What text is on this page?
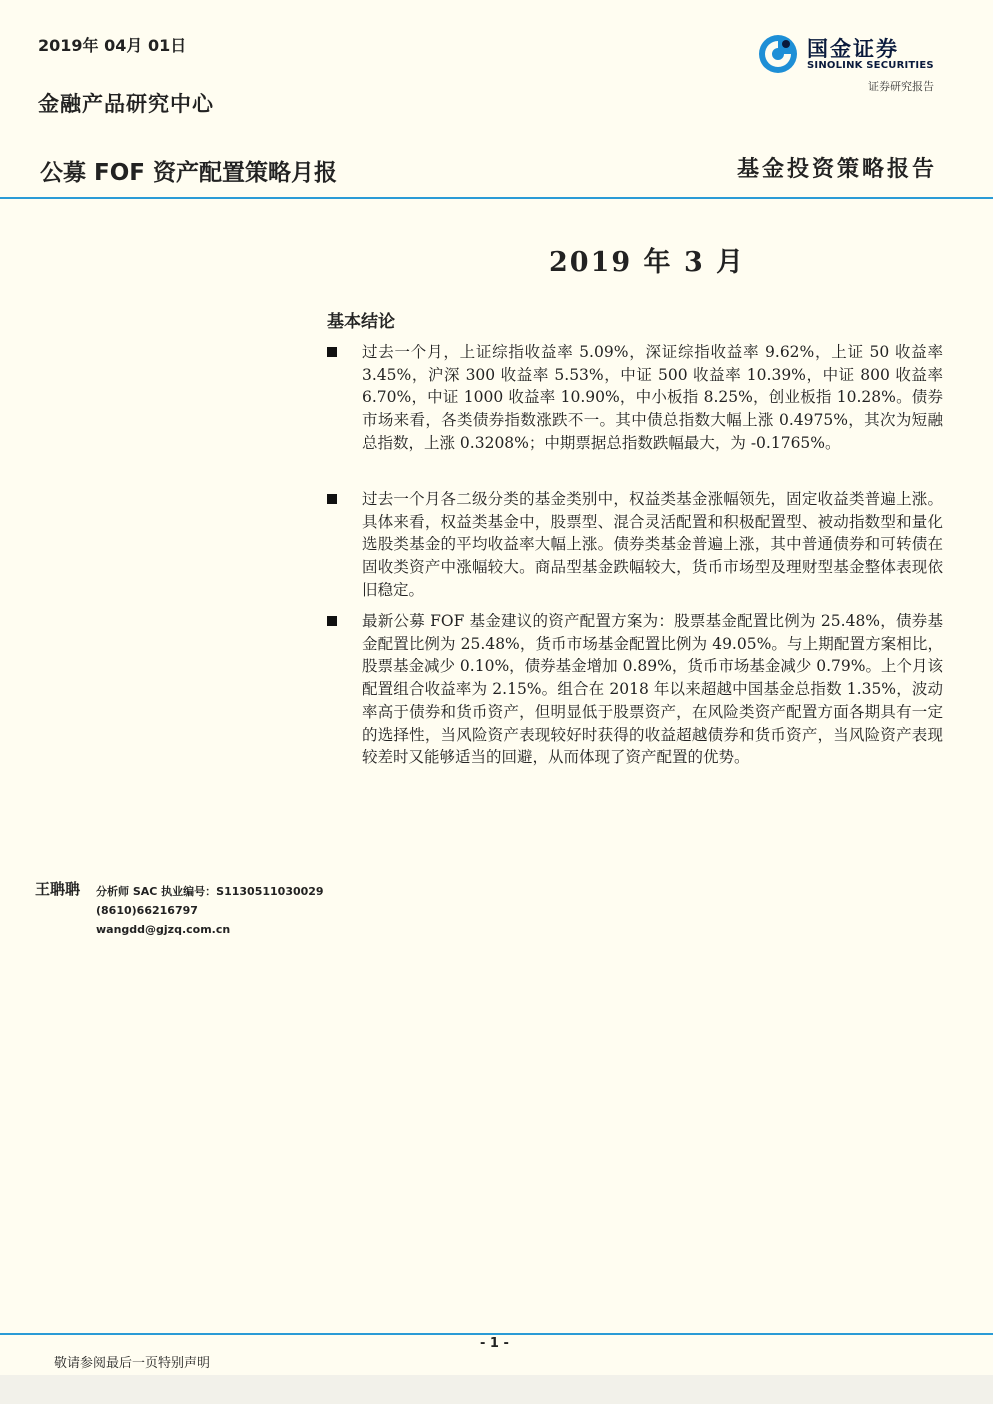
2019年 04月 01日
金融产品研究中心
国金证券
SINOLINK SECURITIES
证券研究报告
公募 FOF 资产配置策略月报	基金投资策略报告
2019 年 3 月
基本结论
过去一个月，上证综指收益率 5.09%，深证综指收益率 9.62%，上证 50 收益率 3.45%，沪深 300 收益率 5.53%，中证 500 收益率 10.39%，中证 800 收益率 6.70%，中证 1000 收益率 10.90%，中小板指 8.25%，创业板指 10.28%。债券市场来看，各类债券指数涨跌不一。其中债总指数大幅上涨 0.4975%，其次为短融总指数，上涨 0.3208%；中期票据总指数跌幅最大，为 -0.1765%。
过去一个月各二级分类的基金类别中，权益类基金涨幅领先，固定收益类普遍上涨。具体来看，权益类基金中，股票型、混合灵活配置和积极配置型、被动指数型和量化选股类基金的平均收益率大幅上涨。债券类基金普遍上涨，其中普通债券和可转债在固收类资产中涨幅较大。商品型基金跌幅较大，货币市场型及理财型基金整体表现依旧稳定。
最新公募 FOF 基金建议的资产配置方案为：股票基金配置比例为 25.48%，债券基金配置比例为 25.48%，货币市场基金配置比例为 49.05%。与上期配置方案相比，股票基金减少 0.10%，债券基金增加 0.89%，货币市场基金减少 0.79%。上个月该配置组合收益率为 2.15%。组合在 2018 年以来超越中国基金总指数 1.35%，波动率高于债券和货币资产，但明显低于股票资产，在风险类资产配置方面各期具有一定的选择性，当风险资产表现较好时获得的收益超越债券和货币资产，当风险资产表现较差时又能够适当的回避，从而体现了资产配置的优势。
王聃聃 分析师 SAC 执业编号：S1130511030029
(8610)66216797
wangdd@gjzq.com.cn
- 1 -
敬请参阅最后一页特别声明
